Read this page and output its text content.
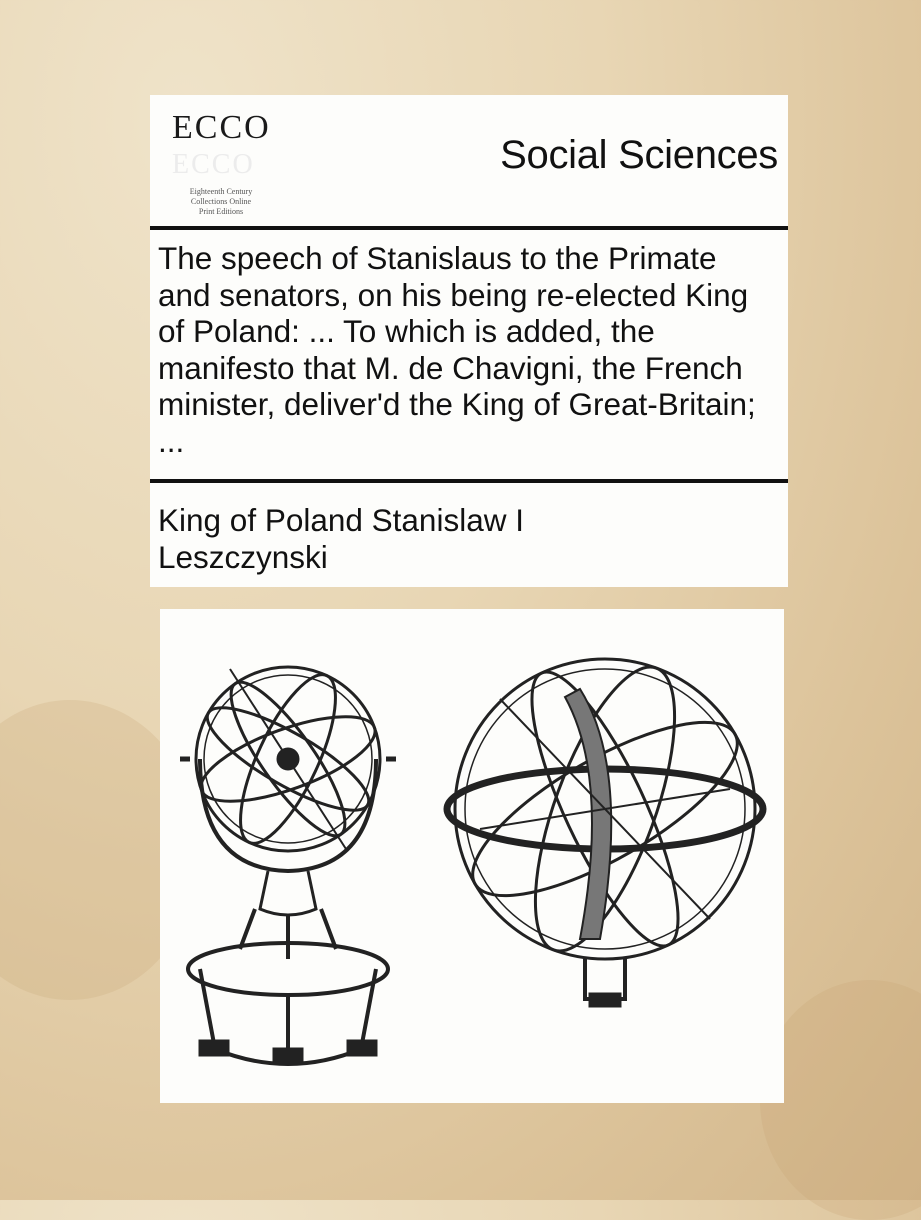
ECCO
ECCO
Eighteenth Century
Collections Online
Print Editions
Social Sciences
The speech of Stanislaus to the Primate and senators, on his being re-elected King of Poland: ... To which is added, the manifesto that M. de Chavigni, the French minister, deliver'd the King of Great-Britain; ...
King of Poland Stanislaw I
Leszczynski
